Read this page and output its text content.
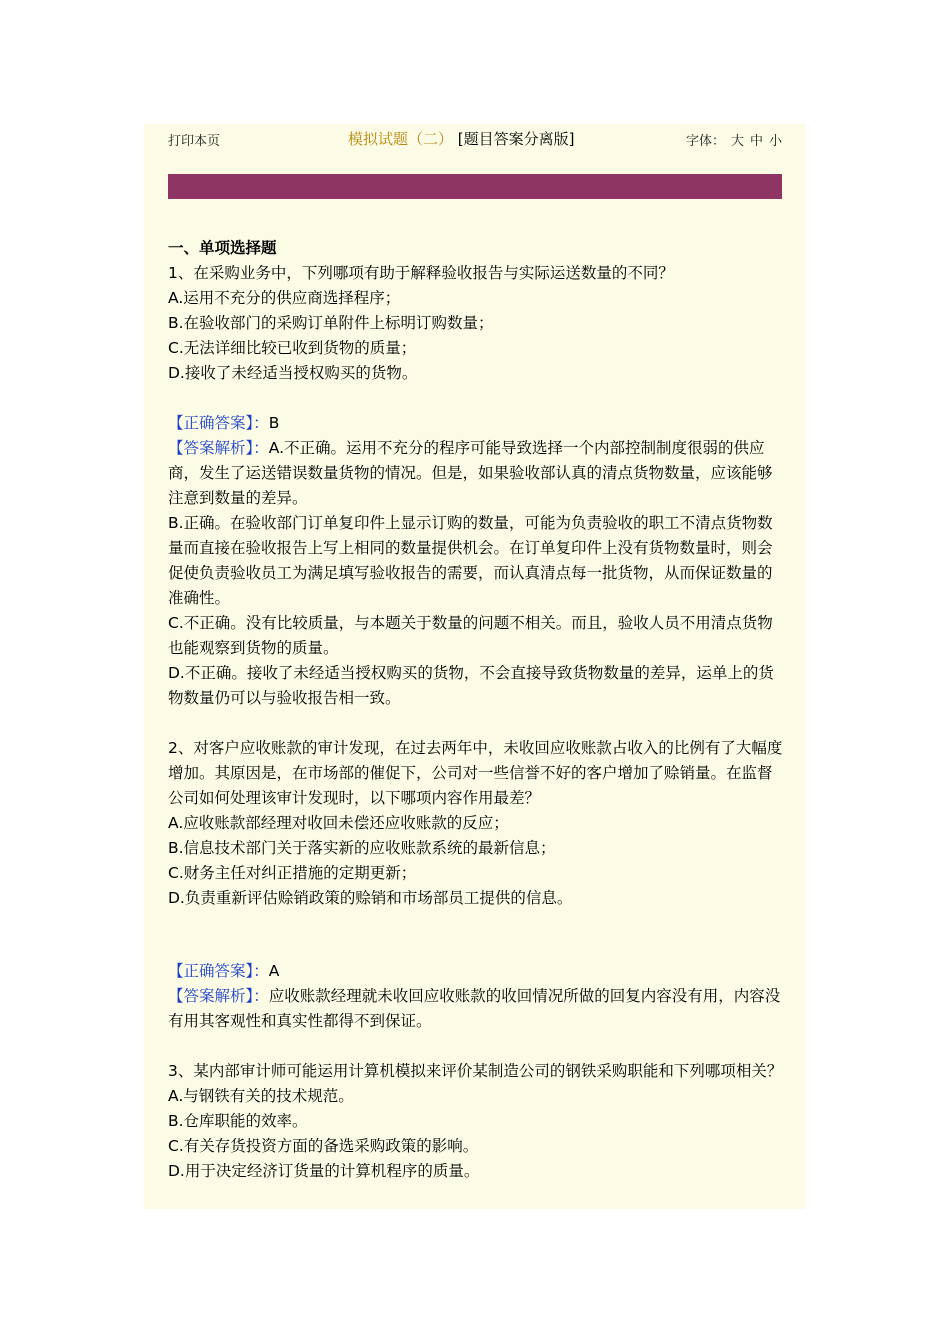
打印本页	模拟试题（二） [题目答案分离版]	字体： 大 中 小

一、单项选择题

1、在采购业务中，下列哪项有助于解释验收报告与实际运送数量的不同？

A.运用不充分的供应商选择程序；

B.在验收部门的采购订单附件上标明订购数量；

C.无法详细比较已收到货物的质量；

D.接收了未经适当授权购买的货物。

【正确答案】：B

【答案解析】：A.不正确。运用不充分的程序可能导致选择一个内部控制制度很弱的供应商，发生了运送错误数量货物的情况。但是，如果验收部认真的清点货物数量，应该能够注意到数量的差异。

B.正确。在验收部门订单复印件上显示订购的数量，可能为负责验收的职工不清点货物数量而直接在验收报告上写上相同的数量提供机会。在订单复印件上没有货物数量时，则会促使负责验收员工为满足填写验收报告的需要，而认真清点每一批货物，从而保证数量的准确性。

C.不正确。没有比较质量，与本题关于数量的问题不相关。而且，验收人员不用清点货物也能观察到货物的质量。

D.不正确。接收了未经适当授权购买的货物，不会直接导致货物数量的差异，运单上的货物数量仍可以与验收报告相一致。

2、对客户应收账款的审计发现，在过去两年中，未收回应收账款占收入的比例有了大幅度增加。其原因是，在市场部的催促下，公司对一些信誉不好的客户增加了赊销量。在监督公司如何处理该审计发现时，以下哪项内容作用最差？

A.应收账款部经理对收回未偿还应收账款的反应；

B.信息技术部门关于落实新的应收账款系统的最新信息；

C.财务主任对纠正措施的定期更新；

D.负责重新评估赊销政策的赊销和市场部员工提供的信息。

【正确答案】：A

【答案解析】：应收账款经理就未收回应收账款的收回情况所做的回复内容没有用，内容没有用其客观性和真实性都得不到保证。

3、某内部审计师可能运用计算机模拟来评价某制造公司的钢铁采购职能和下列哪项相关？

A.与钢铁有关的技术规范。

B.仓库职能的效率。

C.有关存货投资方面的备选采购政策的影响。

D.用于决定经济订货量的计算机程序的质量。
